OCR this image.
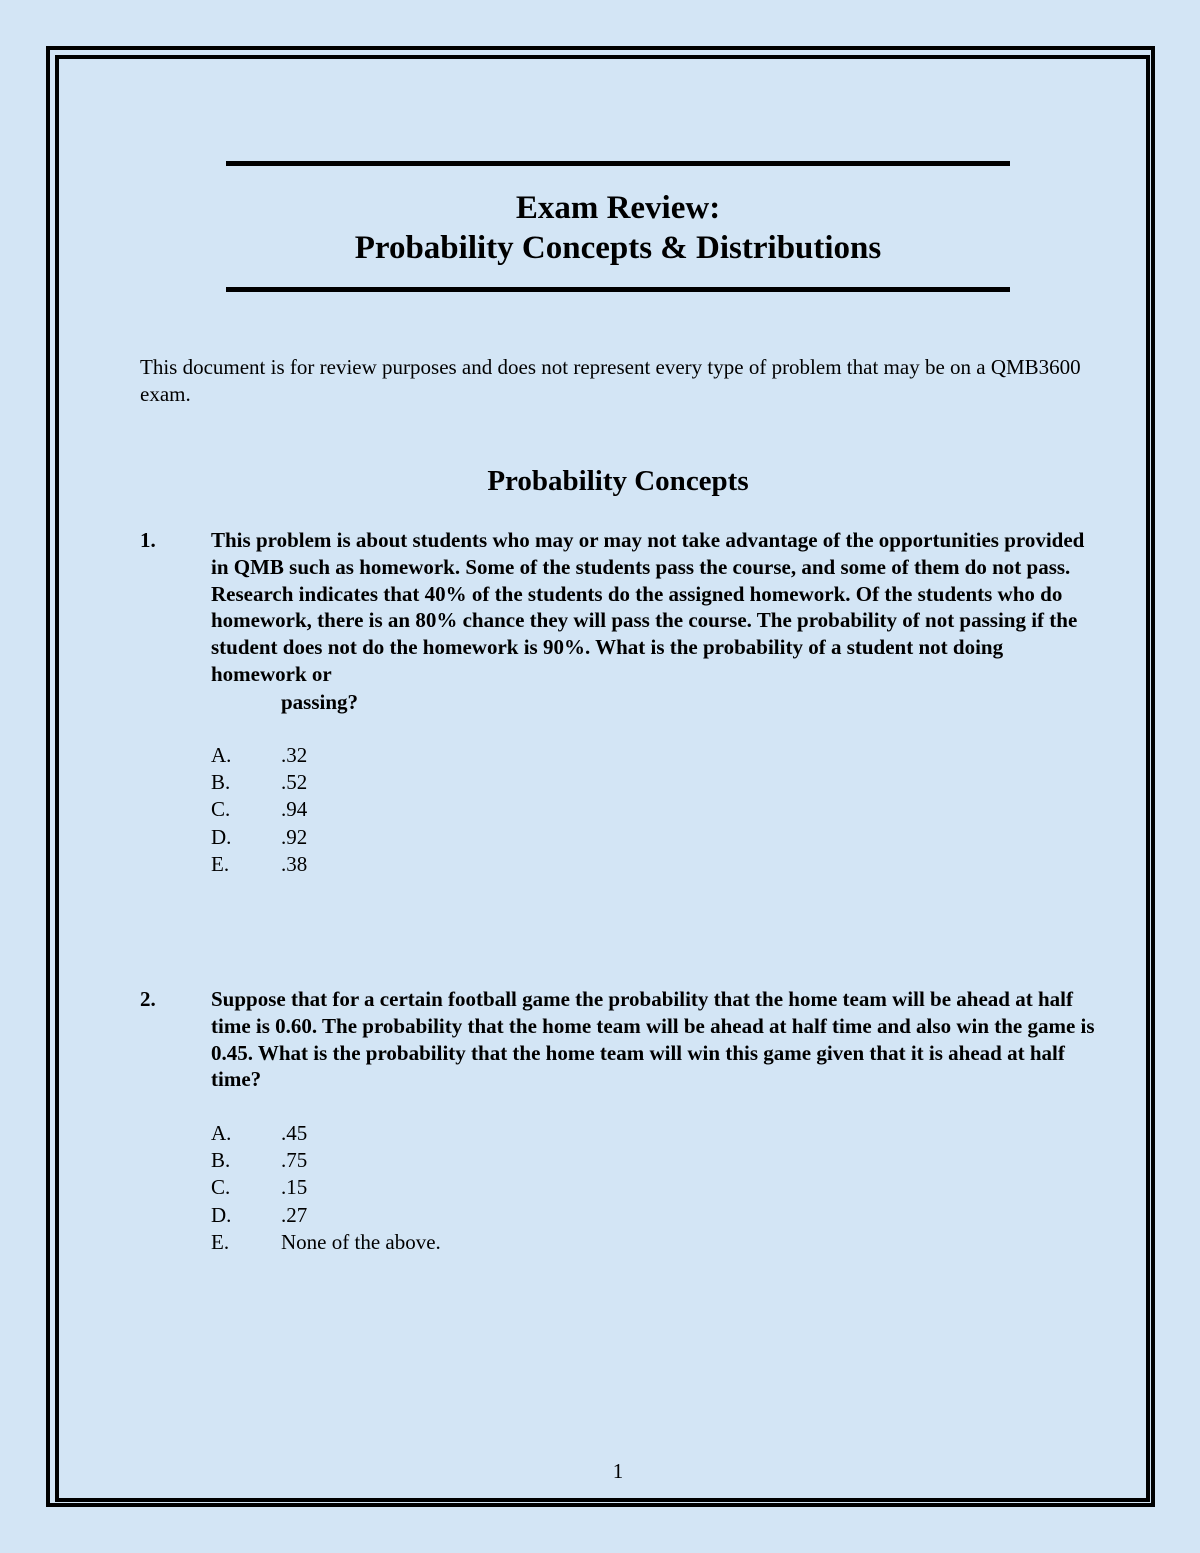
Exam Review:
Probability Concepts & Distributions

This document is for review purposes and does not represent every type of problem that may be on a QMB3600 exam.

Probability Concepts
1.	This problem is about students who may or may not take advantage of the opportunities provided in QMB such as homework. Some of the students pass the course, and some of them do not pass. Research indicates that 40% of the students do the assigned homework. Of the students who do homework, there is an 80% chance they will pass the course. The probability of not passing if the student does not do the homework is 90%. What is the probability of a student not doing homework or

passing?

A. .32
B. .52
C. .94
D. .92
E. .38
2.	Suppose that for a certain football game the probability that the home team will be ahead at half time is 0.60. The probability that the home team will be ahead at half time and also win the game is 0.45. What is the probability that the home team will win this game given that it is ahead at half time?

A. .45
B. .75
C. .15
D. .27
E. None of the above.
1
